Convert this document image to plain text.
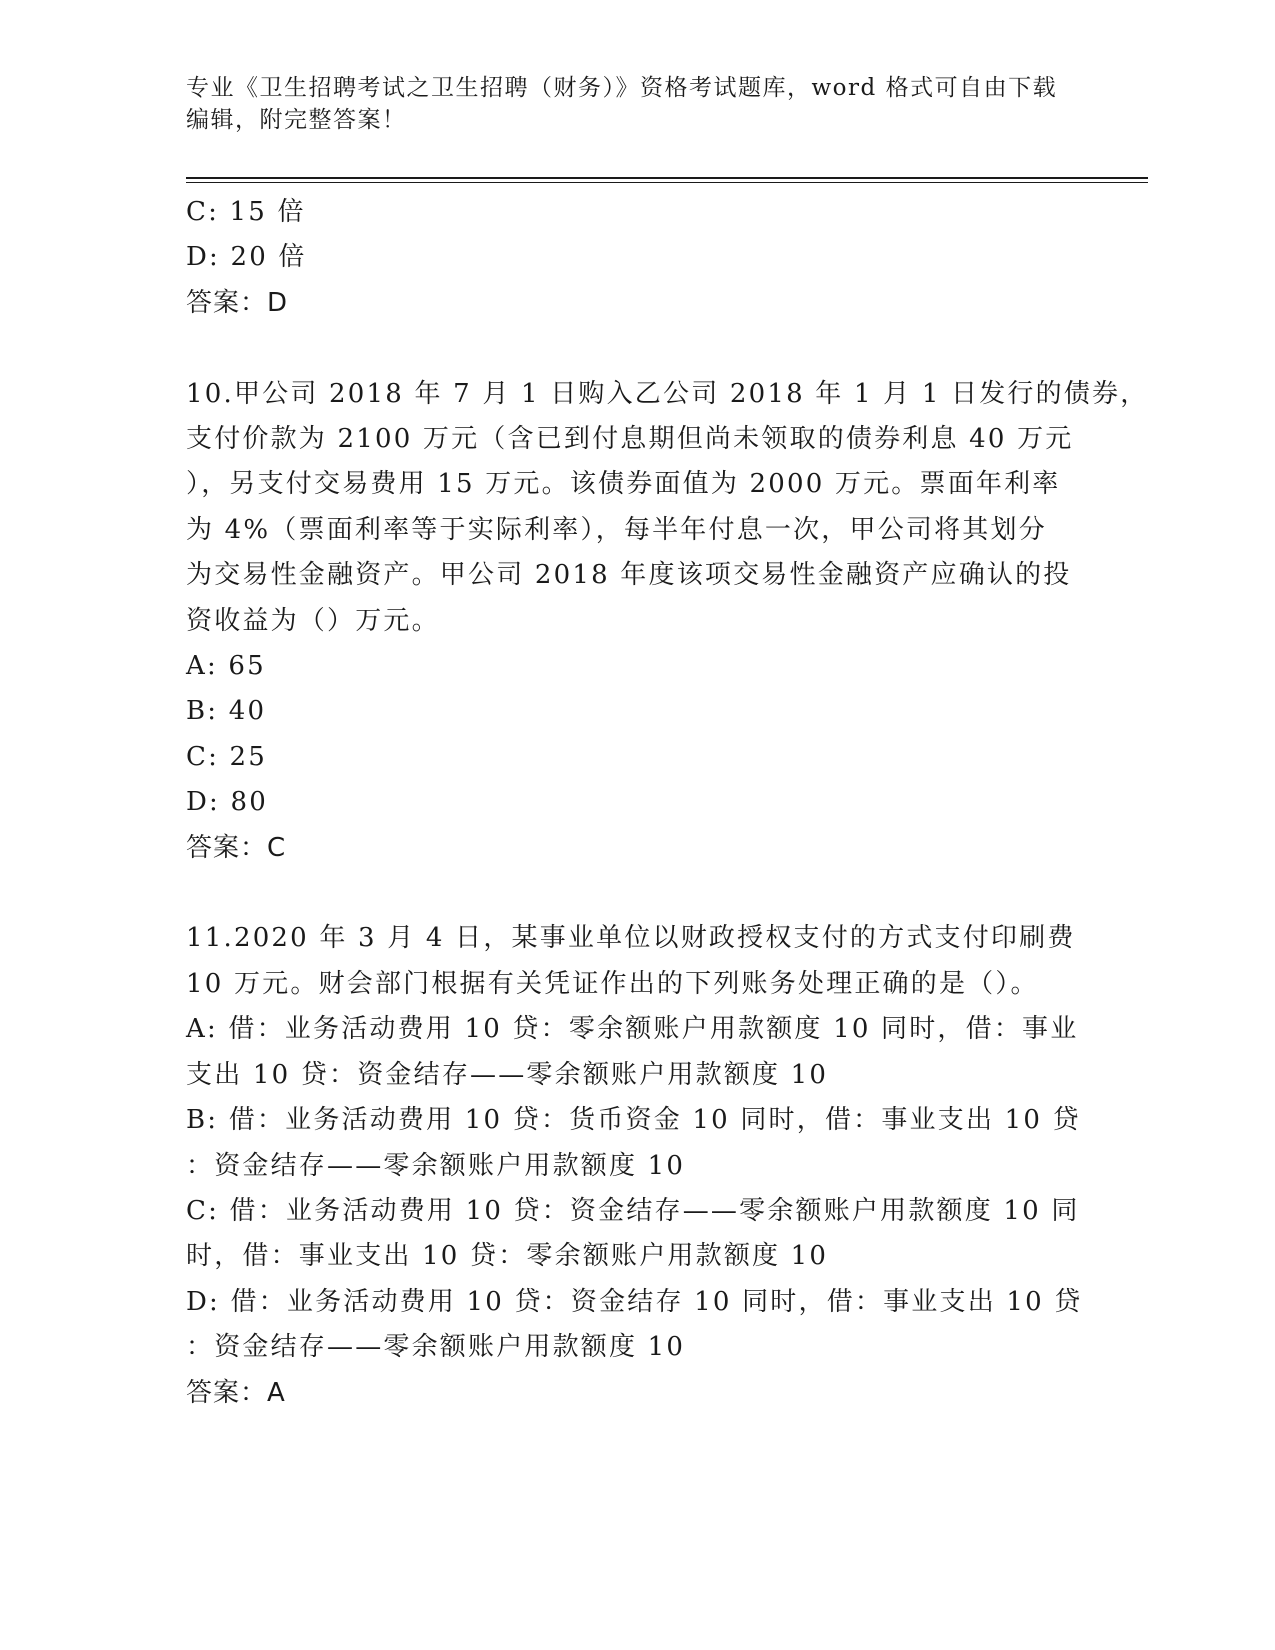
专业《卫生招聘考试之卫生招聘（财务）》资格考试题库，word 格式可自由下载
编辑，附完整答案！
C: 15 倍
D: 20 倍
答案：D
10.甲公司 2018 年 7 月 1 日购入乙公司 2018 年 1 月 1 日发行的债券，
支付价款为 2100 万元（含已到付息期但尚未领取的债券利息 40 万元
），另支付交易费用 15 万元。该债券面值为 2000 万元。票面年利率
为 4%（票面利率等于实际利率），每半年付息一次，甲公司将其划分
为交易性金融资产。甲公司 2018 年度该项交易性金融资产应确认的投
资收益为（）万元。
A: 65
B: 40
C: 25
D: 80
答案：C
11.2020 年 3 月 4 日，某事业单位以财政授权支付的方式支付印刷费
10 万元。财会部门根据有关凭证作出的下列账务处理正确的是（）。
A: 借：业务活动费用 10 贷：零余额账户用款额度 10 同时，借：事业
支出 10 贷：资金结存——零余额账户用款额度 10
B: 借：业务活动费用 10 贷：货币资金 10 同时，借：事业支出 10 贷
：资金结存——零余额账户用款额度 10
C: 借：业务活动费用 10 贷：资金结存——零余额账户用款额度 10 同
时，借：事业支出 10 贷：零余额账户用款额度 10
D: 借：业务活动费用 10 贷：资金结存 10 同时，借：事业支出 10 贷
：资金结存——零余额账户用款额度 10
答案：A
